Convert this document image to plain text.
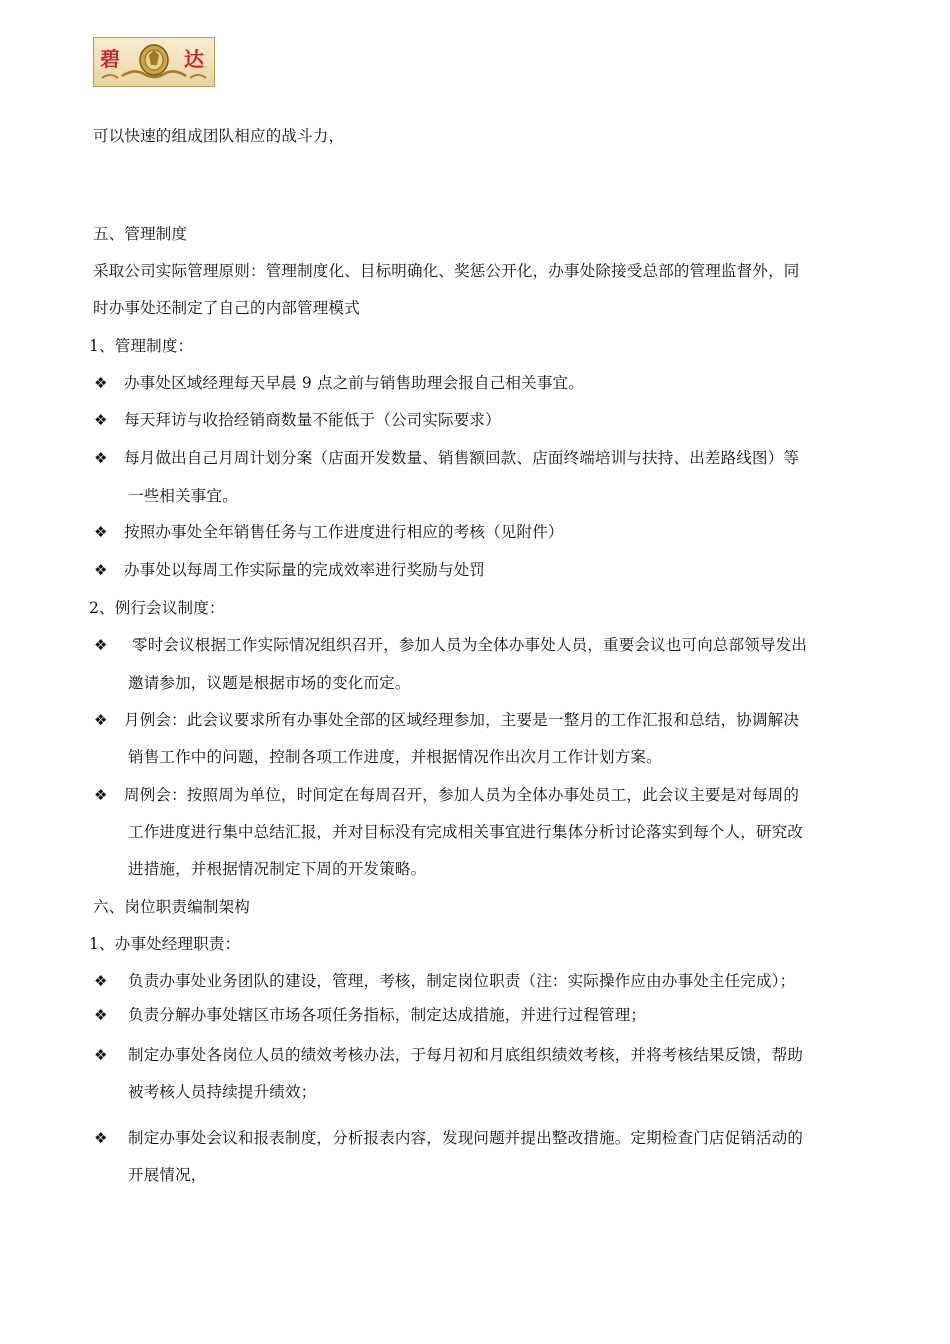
碧	达
可以快速的组成团队相应的战斗力，
五、管理制度
采取公司实际管理原则：管理制度化、目标明确化、奖惩公开化，办事处除接受总部的管理监督外，同
时办事处还制定了自己的内部管理模式
1、管理制度：
❖ 办事处区域经理每天早晨 9 点之前与销售助理会报自己相关事宜。
❖ 每天拜访与收拾经销商数量不能低于（公司实际要求）
❖ 每月做出自己月周计划分案（店面开发数量、销售额回款、店面终端培训与扶持、出差路线图）等
一些相关事宜。
❖ 按照办事处全年销售任务与工作进度进行相应的考核（见附件）
❖ 办事处以每周工作实际量的完成效率进行奖励与处罚
2、例行会议制度：
❖ 零时会议根据工作实际情况组织召开，参加人员为全体办事处人员，重要会议也可向总部领导发出
邀请参加，议题是根据市场的变化而定。
❖ 月例会：此会议要求所有办事处全部的区域经理参加，主要是一整月的工作汇报和总结，协调解决
销售工作中的问题，控制各项工作进度，并根据情况作出次月工作计划方案。
❖ 周例会：按照周为单位，时间定在每周召开，参加人员为全体办事处员工，此会议主要是对每周的
工作进度进行集中总结汇报，并对目标没有完成相关事宜进行集体分析讨论落实到每个人，研究改
进措施，并根据情况制定下周的开发策略。
六、岗位职责编制架构
1、办事处经理职责：
❖ 负责办事处业务团队的建设，管理，考核，制定岗位职责（注：实际操作应由办事处主任完成）；
❖ 负责分解办事处辖区市场各项任务指标，制定达成措施，并进行过程管理；
❖ 制定办事处各岗位人员的绩效考核办法，于每月初和月底组织绩效考核，并将考核结果反馈，帮助
被考核人员持续提升绩效；
❖ 制定办事处会议和报表制度，分析报表内容，发现问题并提出整改措施。定期检查门店促销活动的
开展情况，
